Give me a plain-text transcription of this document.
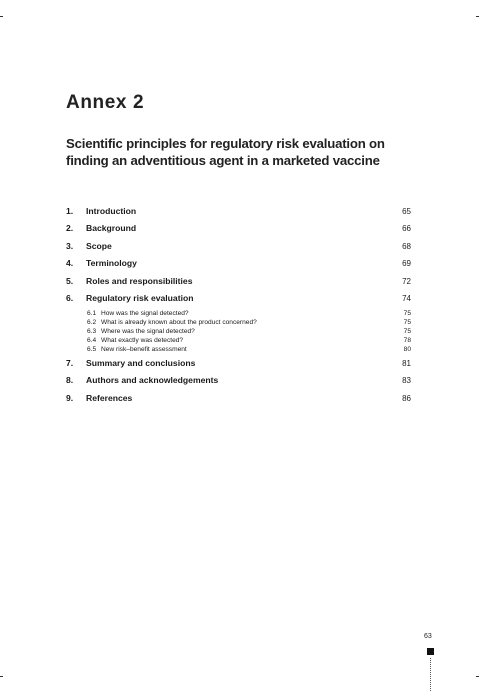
Annex 2
Scientific principles for regulatory risk evaluation on
finding an adventitious agent in a marketed vaccine
1.	Introduction	65
2.	Background	66
3.	Scope	68
4.	Terminology	69
5.	Roles and responsibilities	72
6.	Regulatory risk evaluation	74
6.1 How was the signal detected?	75
6.2 What is already known about the product concerned?	75
6.3 Where was the signal detected?	75
6.4 What exactly was detected?	78
6.5 New risk–benefit assessment	80
7.	Summary and conclusions	81
8.	Authors and acknowledgements	83
9.	References	86
63
